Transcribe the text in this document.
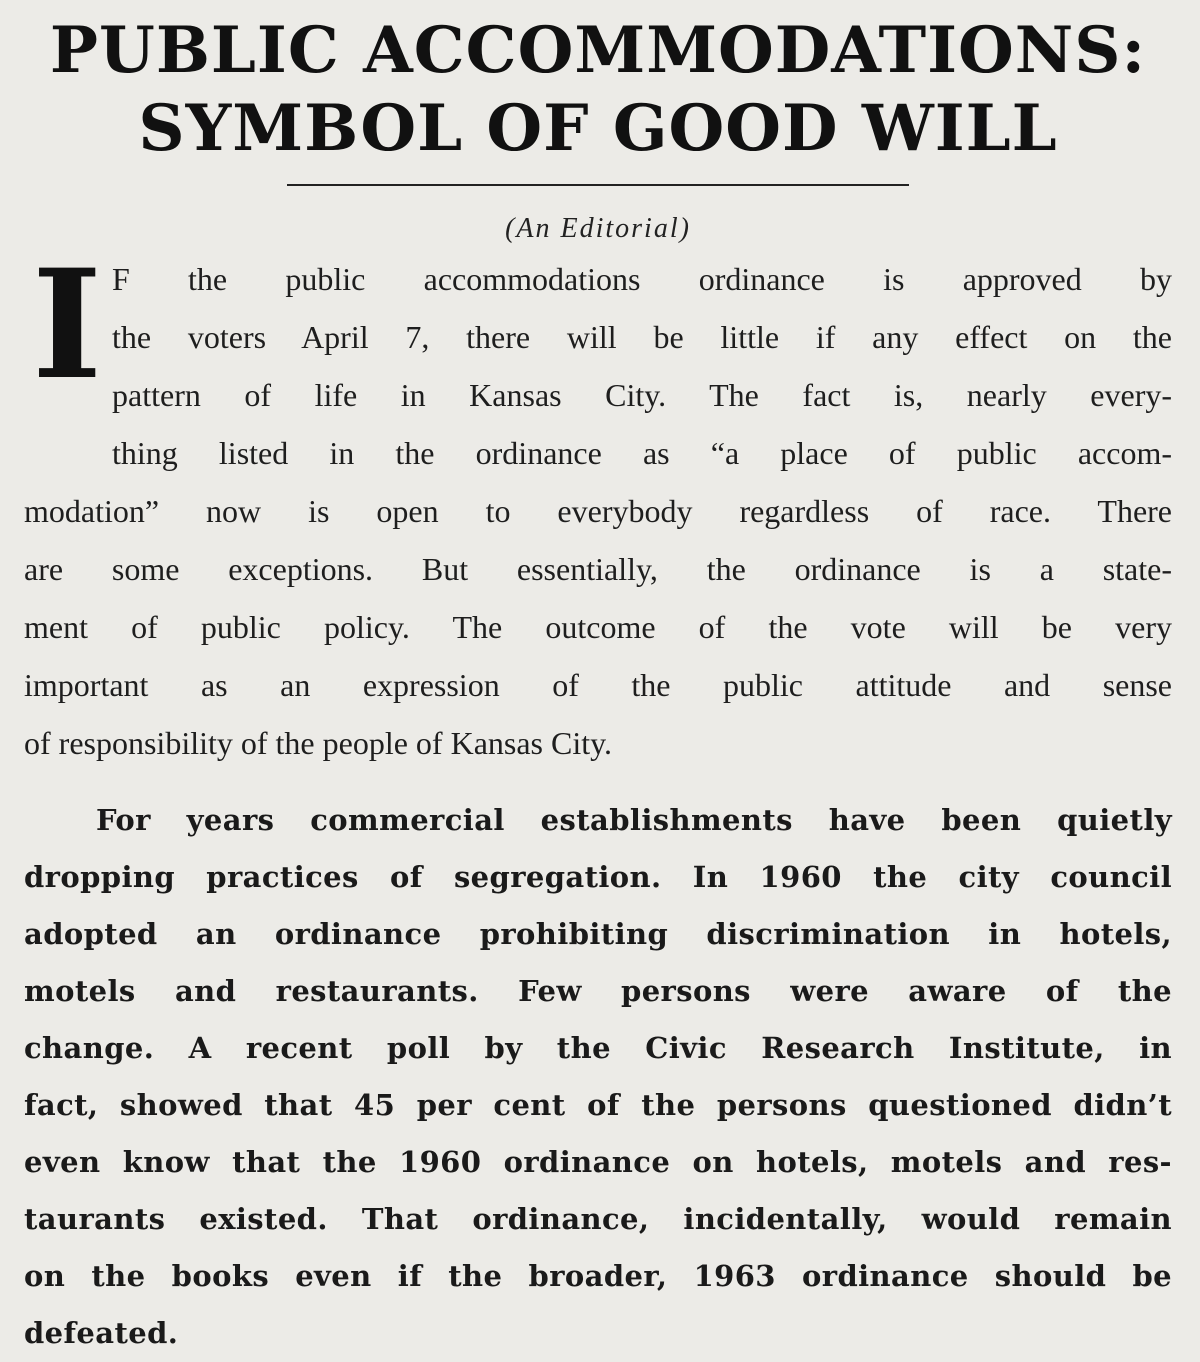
PUBLIC ACCOMMODATIONS:
SYMBOL OF GOOD WILL
(An Editorial)
I F the public accommodations ordinance is approved by
the voters April 7, there will be little if any effect on the
pattern of life in Kansas City. The fact is, nearly every-
thing listed in the ordinance as “a place of public accom-
modation” now is open to everybody regardless of race. There
are some exceptions. But essentially, the ordinance is a state-
ment of public policy. The outcome of the vote will be very
important as an expression of the public attitude and sense
of responsibility of the people of Kansas City.
For years commercial establishments have been quietly
dropping practices of segregation. In 1960 the city council
adopted an ordinance prohibiting discrimination in hotels,
motels and restaurants. Few persons were aware of the
change. A recent poll by the Civic Research Institute, in
fact, showed that 45 per cent of the persons questioned didn’t
even know that the 1960 ordinance on hotels, motels and res-
taurants existed. That ordinance, incidentally, would remain
on the books even if the broader, 1963 ordinance should be
defeated.
